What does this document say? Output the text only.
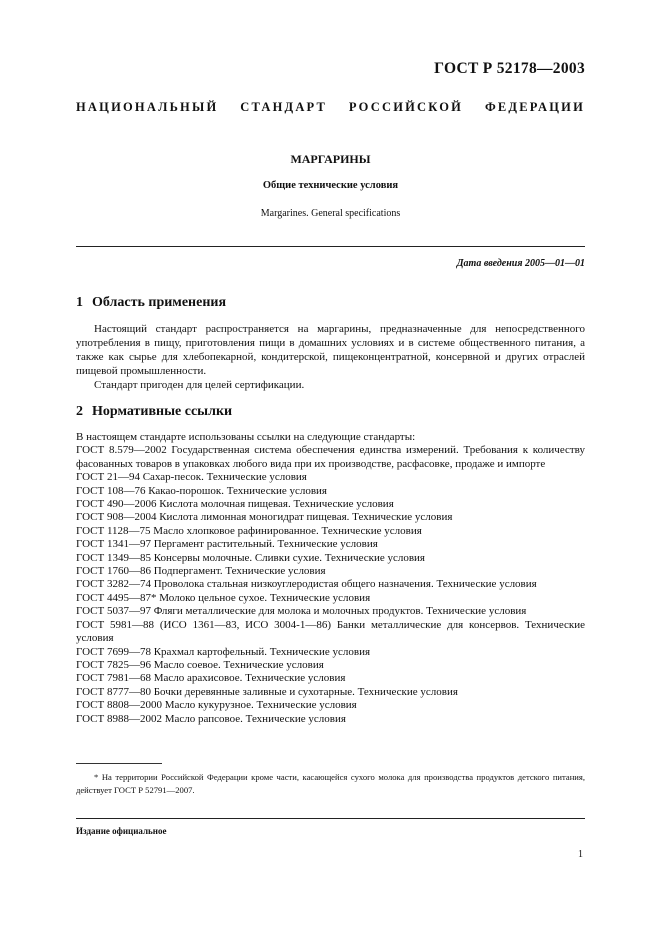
ГОСТ Р 52178—2003
НАЦИОНАЛЬНЫЙ СТАНДАРТ РОССИЙСКОЙ ФЕДЕРАЦИИ
МАРГАРИНЫ
Общие технические условия
Margarines. General specifications
Дата введения 2005—01—01
1 Область применения

Настоящий стандарт распространяется на маргарины, предназначенные для непосредственного употребления в пищу, приготовления пищи в домашних условиях и в системе общественного питания, а также как сырье для хлебопекарной, кондитерской, пищеконцентратной, консервной и других отраслей пищевой промышленности.

Стандарт пригоден для целей сертификации.

2 Нормативные ссылки
В настоящем стандарте использованы ссылки на следующие стандарты:
ГОСТ 8.579—2002 Государственная система обеспечения единства измерений. Требования к количеству фасованных товаров в упаковках любого вида при их производстве, расфасовке, продаже и импорте
ГОСТ 21—94 Сахар-песок. Технические условия
ГОСТ 108—76 Какао-порошок. Технические условия
ГОСТ 490—2006 Кислота молочная пищевая. Технические условия
ГОСТ 908—2004 Кислота лимонная моногидрат пищевая. Технические условия
ГОСТ 1128—75 Масло хлопковое рафинированное. Технические условия
ГОСТ 1341—97 Пергамент растительный. Технические условия
ГОСТ 1349—85 Консервы молочные. Сливки сухие. Технические условия
ГОСТ 1760—86 Подпергамент. Технические условия
ГОСТ 3282—74 Проволока стальная низкоуглеродистая общего назначения. Технические условия
ГОСТ 4495—87* Молоко цельное сухое. Технические условия
ГОСТ 5037—97 Фляги металлические для молока и молочных продуктов. Технические условия
ГОСТ 5981—88 (ИСО 1361—83, ИСО 3004-1—86) Банки металлические для консервов. Технические условия
ГОСТ 7699—78 Крахмал картофельный. Технические условия
ГОСТ 7825—96 Масло соевое. Технические условия
ГОСТ 7981—68 Масло арахисовое. Технические условия
ГОСТ 8777—80 Бочки деревянные заливные и сухотарные. Технические условия
ГОСТ 8808—2000 Масло кукурузное. Технические условия
ГОСТ 8988—2002 Масло рапсовое. Технические условия

* На территории Российской Федерации кроме части, касающейся сухого молока для производства продуктов детского питания, действует ГОСТ Р 52791—2007.

Издание официальное
1
